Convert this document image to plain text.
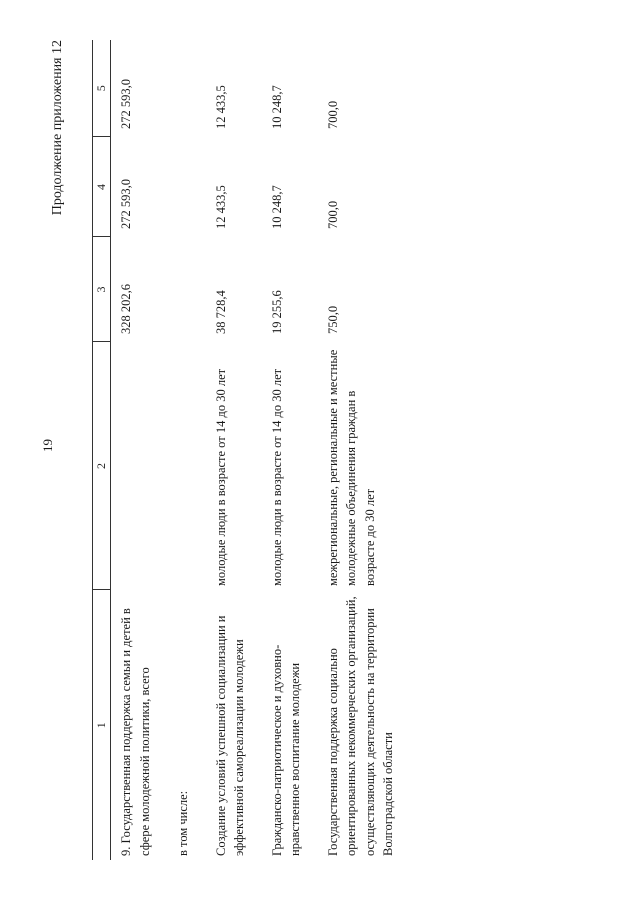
19
Продолжение приложения 12
1	2	3	4	5
9. Государственная поддержка семьи и детей в сфере молодежной политики, всего		328 202,6	272 593,0	272 593,0
в том числе:				
Создание условий успешной социализации и эффективной самореализации молодежи	молодые люди в возрасте от 14 до 30 лет	38 728,4	12 433,5	12 433,5
Гражданско-патриотическое и духовно-нравственное воспитание молодежи	молодые люди в возрасте от 14 до 30 лет	19 255,6	10 248,7	10 248,7
Государственная поддержка социально ориентированных некоммерческих организаций, осуществляющих деятельность на территории Волгоградской области	межрегиональные, региональные и местные молодежные объединения граждан в возрасте до 30 лет	750,0	700,0	700,0
